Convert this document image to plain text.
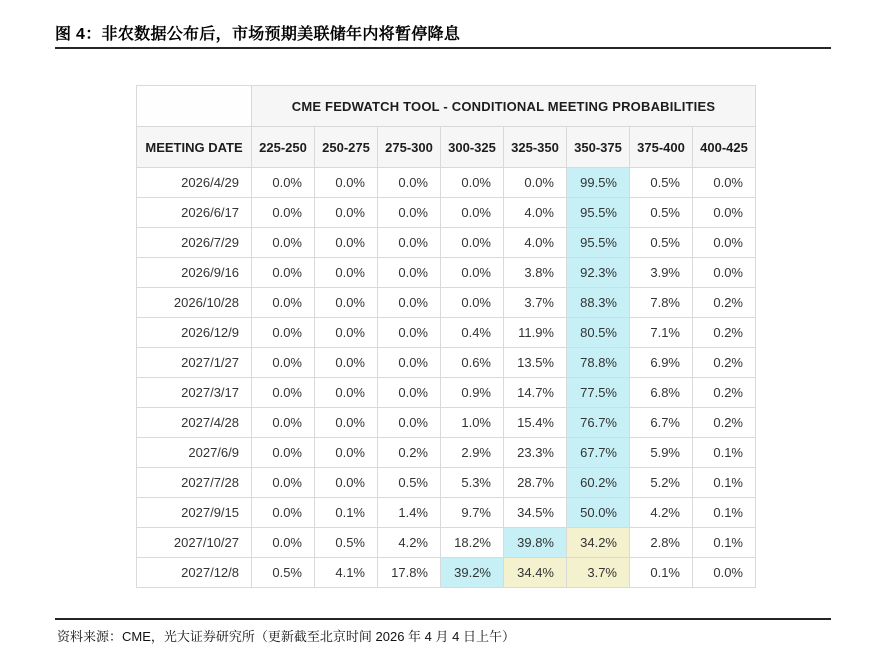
图 4：非农数据公布后，市场预期美联储年内将暂停降息
	CME FEDWATCH TOOL - CONDITIONAL MEETING PROBABILITIES							
MEETING DATE	225-250	250-275	275-300	300-325	325-350	350-375	375-400	400-425
2026/4/29	0.0%	0.0%	0.0%	0.0%	0.0%	99.5%	0.5%	0.0%
2026/6/17	0.0%	0.0%	0.0%	0.0%	4.0%	95.5%	0.5%	0.0%
2026/7/29	0.0%	0.0%	0.0%	0.0%	4.0%	95.5%	0.5%	0.0%
2026/9/16	0.0%	0.0%	0.0%	0.0%	3.8%	92.3%	3.9%	0.0%
2026/10/28	0.0%	0.0%	0.0%	0.0%	3.7%	88.3%	7.8%	0.2%
2026/12/9	0.0%	0.0%	0.0%	0.4%	11.9%	80.5%	7.1%	0.2%
2027/1/27	0.0%	0.0%	0.0%	0.6%	13.5%	78.8%	6.9%	0.2%
2027/3/17	0.0%	0.0%	0.0%	0.9%	14.7%	77.5%	6.8%	0.2%
2027/4/28	0.0%	0.0%	0.0%	1.0%	15.4%	76.7%	6.7%	0.2%
2027/6/9	0.0%	0.0%	0.2%	2.9%	23.3%	67.7%	5.9%	0.1%
2027/7/28	0.0%	0.0%	0.5%	5.3%	28.7%	60.2%	5.2%	0.1%
2027/9/15	0.0%	0.1%	1.4%	9.7%	34.5%	50.0%	4.2%	0.1%
2027/10/27	0.0%	0.5%	4.2%	18.2%	39.8%	34.2%	2.8%	0.1%
2027/12/8	0.5%	4.1%	17.8%	39.2%	34.4%	3.7%	0.1%	0.0%
资料来源：CME，光大证券研究所（更新截至北京时间 2026 年 4 月 4 日上午）
